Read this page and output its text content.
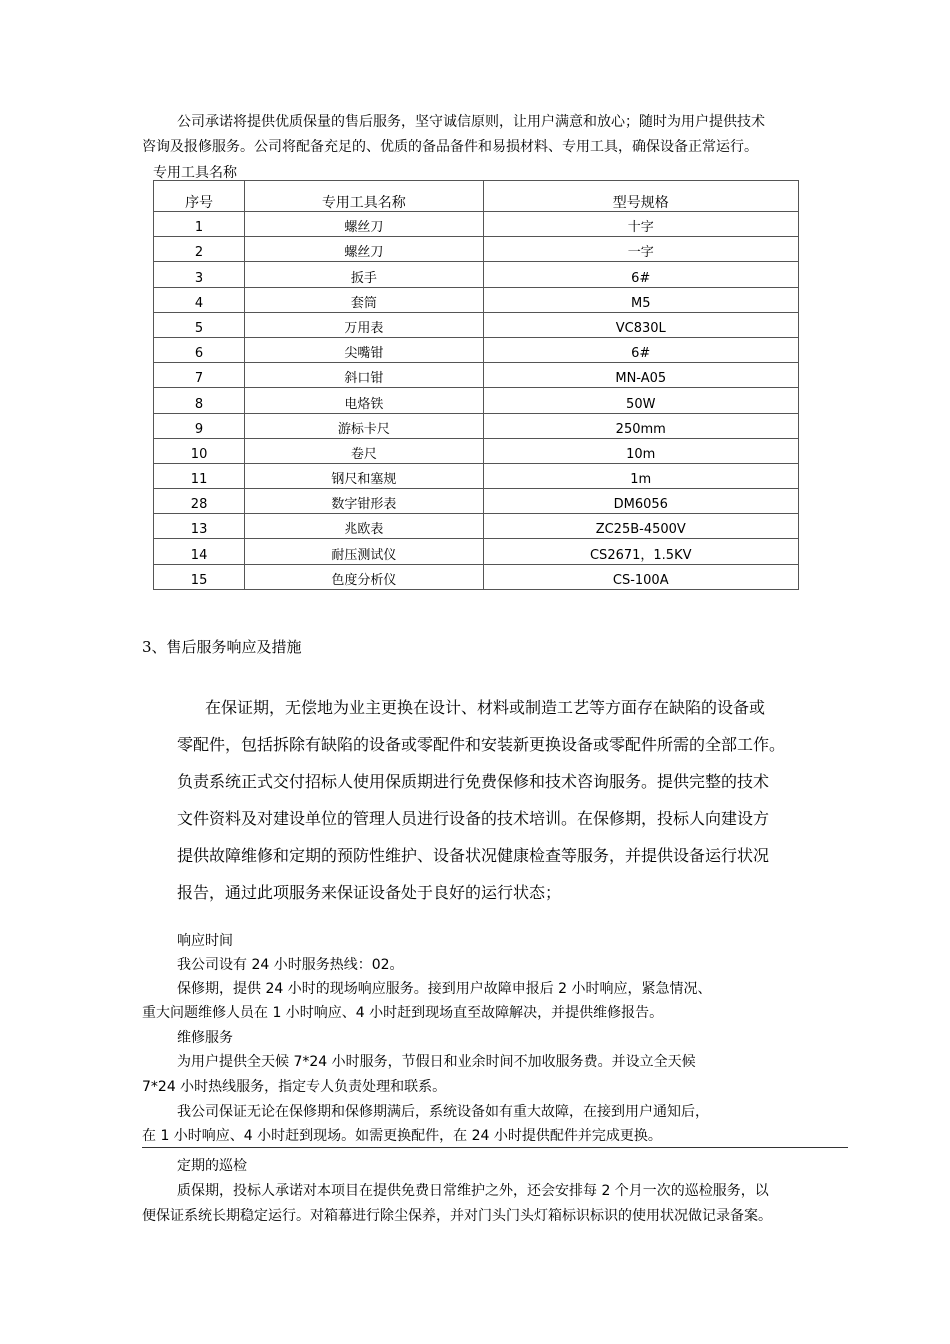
公司承诺将提供优质保量的售后服务，坚守诚信原则，让用户满意和放心；随时为用户提供技术
咨询及报修服务。公司将配备充足的、优质的备品备件和易损材料、专用工具，确保设备正常运行。
专用工具名称
序号	专用工具名称	型号规格
1	螺丝刀	十字
2	螺丝刀	一字
3	扳手	6#
4	套筒	M5
5	万用表	VC830L
6	尖嘴钳	6#
7	斜口钳	MN-A05
8	电烙铁	50W
9	游标卡尺	250mm
10	卷尺	10m
11	钢尺和塞规	1m
28	数字钳形表	DM6056
13	兆欧表	ZC25B-4500V
14	耐压测试仪	CS2671，1.5KV
15	色度分析仪	CS-100A
3、售后服务响应及措施
在保证期，无偿地为业主更换在设计、材料或制造工艺等方面存在缺陷的设备或
零配件，包括拆除有缺陷的设备或零配件和安装新更换设备或零配件所需的全部工作。
负责系统正式交付招标人使用保质期进行免费保修和技术咨询服务。提供完整的技术
文件资料及对建设单位的管理人员进行设备的技术培训。在保修期，投标人向建设方
提供故障维修和定期的预防性维护、设备状况健康检查等服务，并提供设备运行状况
报告，通过此项服务来保证设备处于良好的运行状态；
响应时间
我公司设有 24 小时服务热线：02。
保修期，提供 24 小时的现场响应服务。接到用户故障申报后 2 小时响应，紧急情况、
重大问题维修人员在 1 小时响应、4 小时赶到现场直至故障解决，并提供维修报告。
维修服务
为用户提供全天候 7*24 小时服务，节假日和业余时间不加收服务费。并设立全天候
7*24 小时热线服务，指定专人负责处理和联系。
我公司保证无论在保修期和保修期满后，系统设备如有重大故障，在接到用户通知后，
在 1 小时响应、4 小时赶到现场。如需更换配件，在 24 小时提供配件并完成更换。
定期的巡检
质保期，投标人承诺对本项目在提供免费日常维护之外，还会安排每 2 个月一次的巡检服务，以
便保证系统长期稳定运行。对箱幕进行除尘保养，并对门头门头灯箱标识标识的使用状况做记录备案。
